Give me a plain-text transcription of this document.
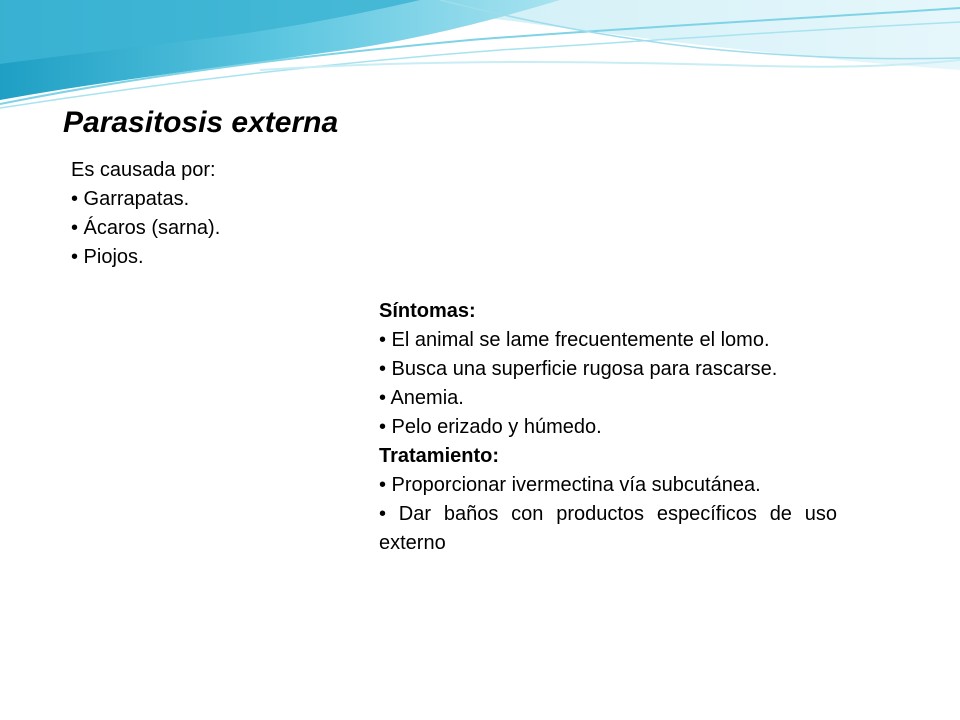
Parasitosis externa

Es causada por:

• Garrapatas.

• Ácaros (sarna).

• Piojos.

Síntomas:

• El animal se lame frecuentemente el lomo.

• Busca una superficie rugosa para rascarse.

• Anemia.

• Pelo erizado y húmedo.

Tratamiento:

• Proporcionar ivermectina vía subcutánea.

• Dar baños con productos específicos de uso externo
